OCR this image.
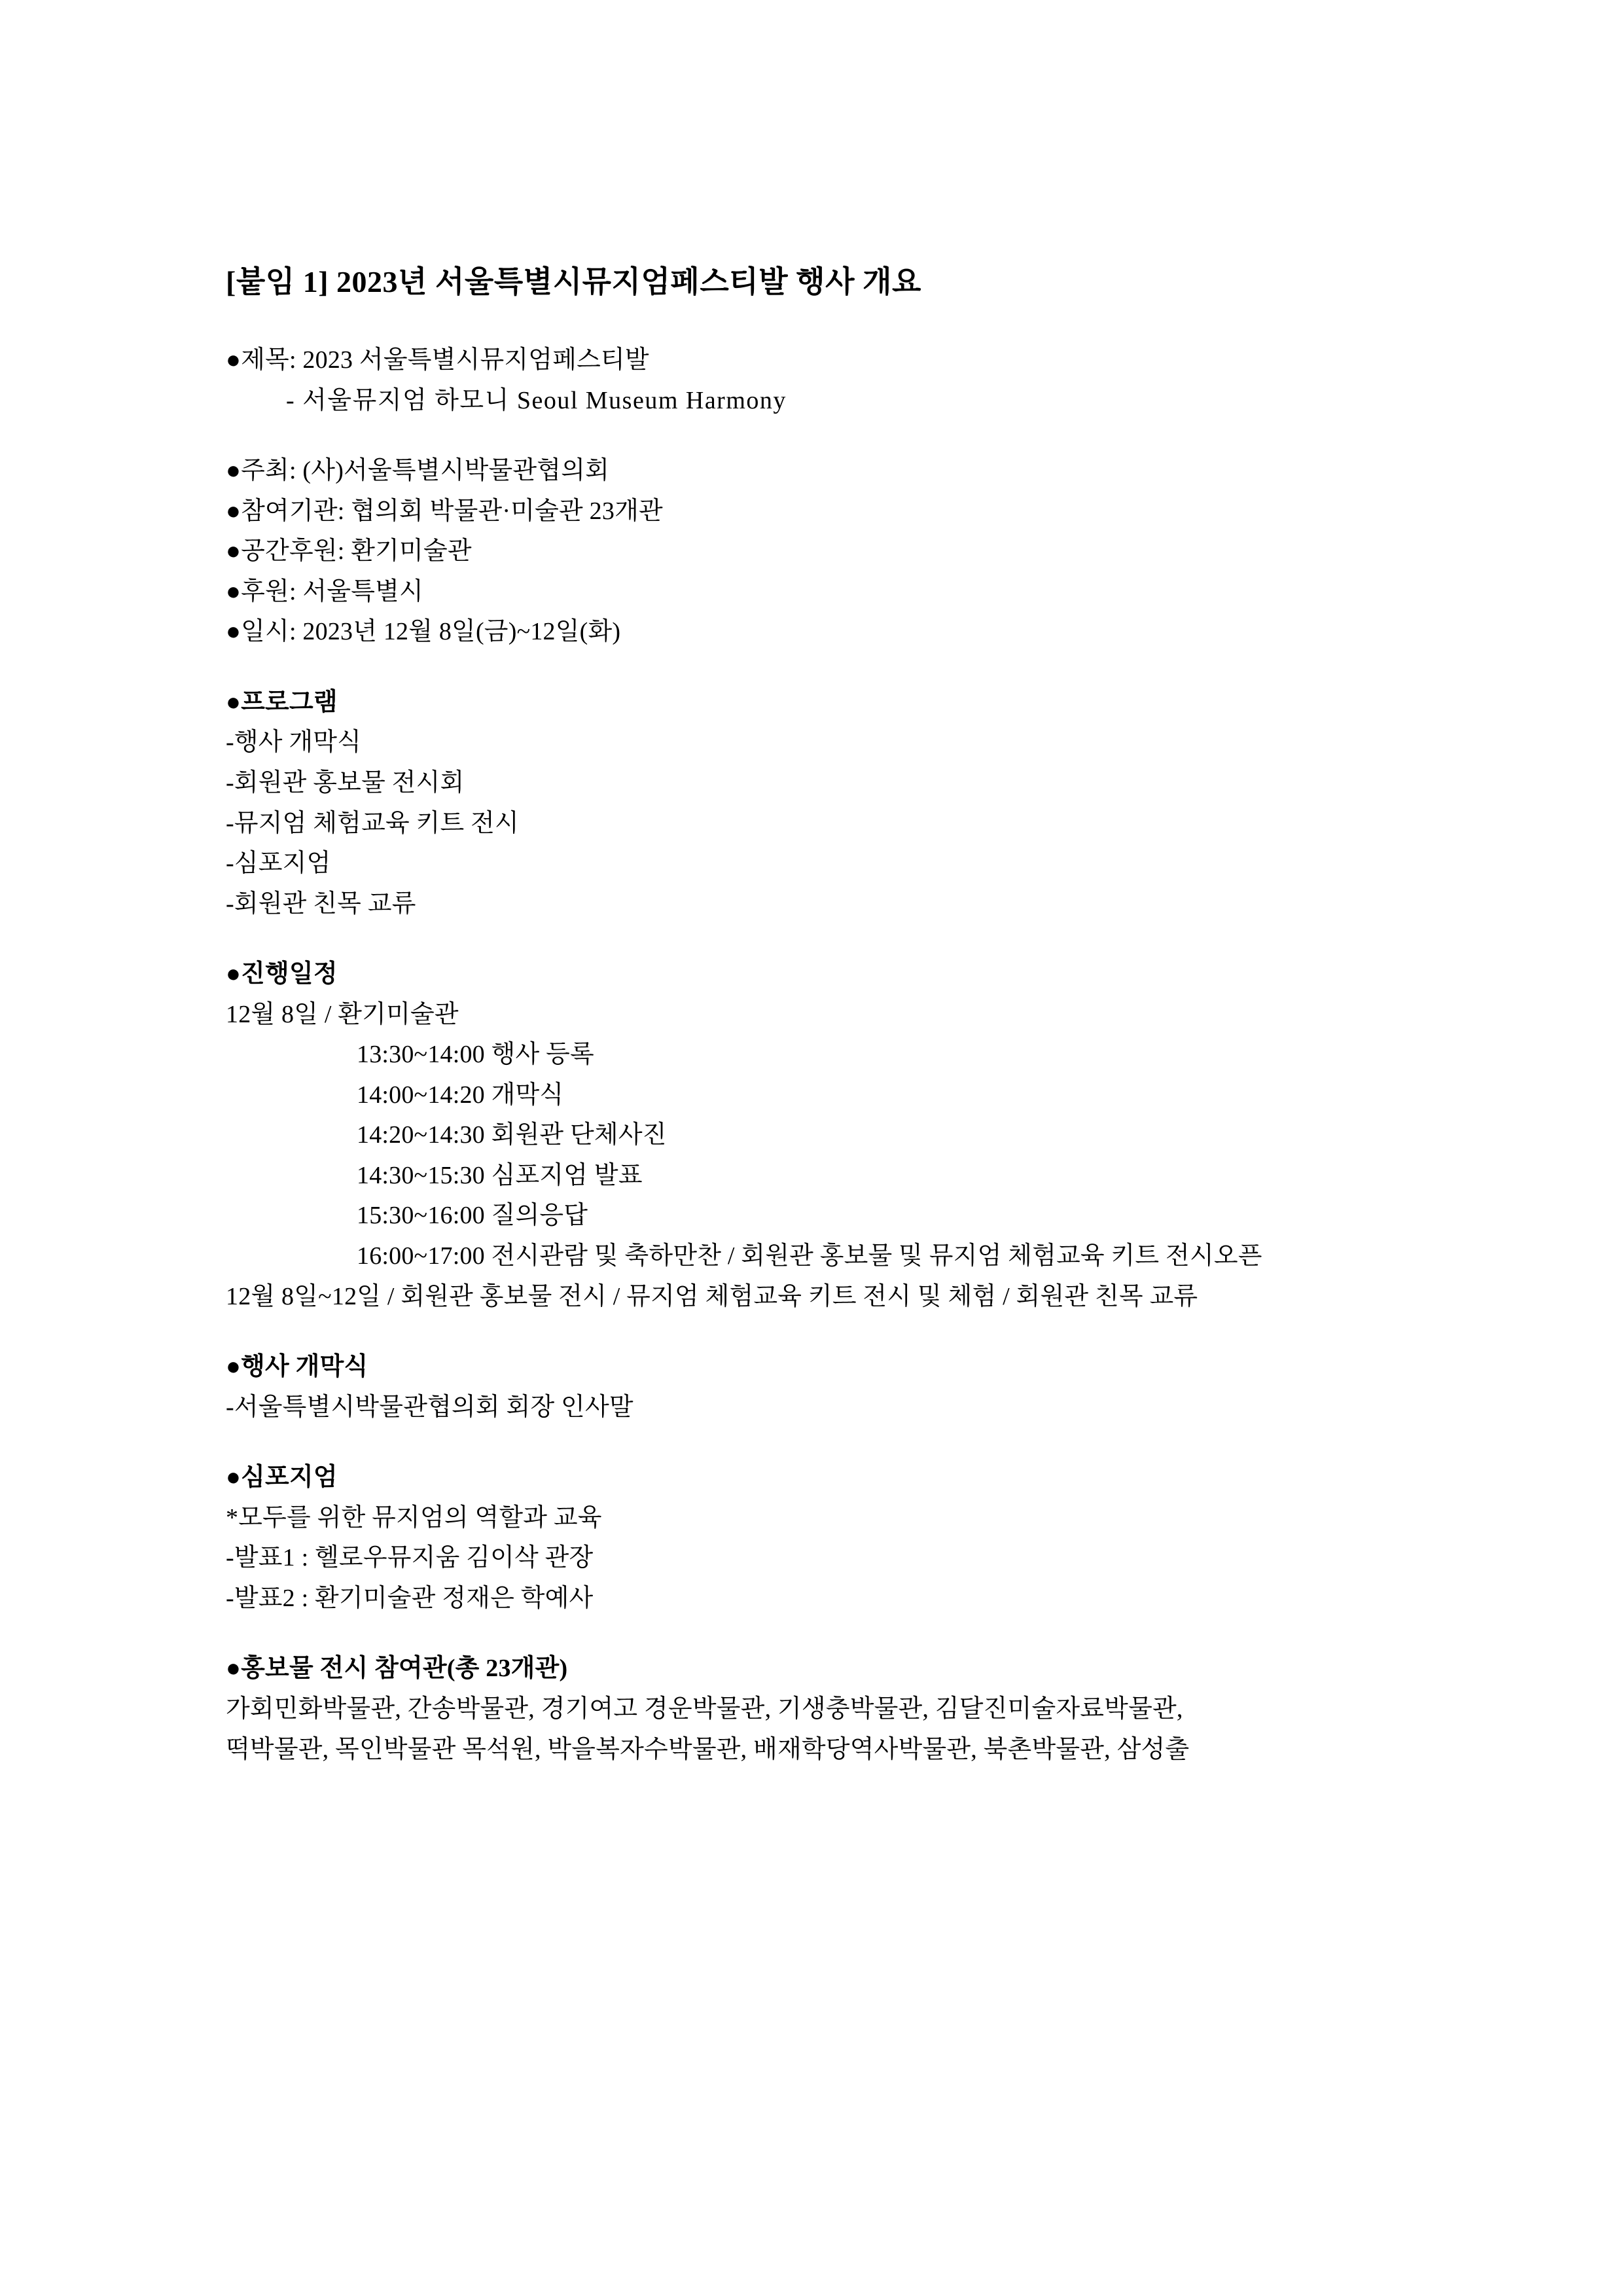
[붙임 1] 2023년 서울특별시뮤지엄페스티발 행사 개요
●제목: 2023 서울특별시뮤지엄페스티발
- 서울뮤지엄 하모니 Seoul Museum Harmony
●주최: (사)서울특별시박물관협의회
●참여기관: 협의회 박물관·미술관 23개관
●공간후원: 환기미술관
●후원: 서울특별시
●일시: 2023년 12월 8일(금)~12일(화)
●프로그램
-행사 개막식
-회원관 홍보물 전시회
-뮤지엄 체험교육 키트 전시
-심포지엄
-회원관 친목 교류
●진행일정
12월 8일 / 환기미술관
13:30~14:00 행사 등록
14:00~14:20 개막식
14:20~14:30 회원관 단체사진
14:30~15:30 심포지엄 발표
15:30~16:00 질의응답
16:00~17:00 전시관람 및 축하만찬 / 회원관 홍보물 및 뮤지엄 체험교육 키트 전시오픈
12월 8일~12일 / 회원관 홍보물 전시 / 뮤지엄 체험교육 키트 전시 및 체험 / 회원관 친목 교류
●행사 개막식
-서울특별시박물관협의회 회장 인사말
●심포지엄
*모두를 위한 뮤지엄의 역할과 교육
-발표1 : 헬로우뮤지움 김이삭 관장
-발표2 : 환기미술관 정재은 학예사
●홍보물 전시 참여관(총 23개관)
가회민화박물관, 간송박물관, 경기여고 경운박물관, 기생충박물관, 김달진미술자료박물관,
떡박물관, 목인박물관 목석원, 박을복자수박물관, 배재학당역사박물관, 북촌박물관, 삼성출
